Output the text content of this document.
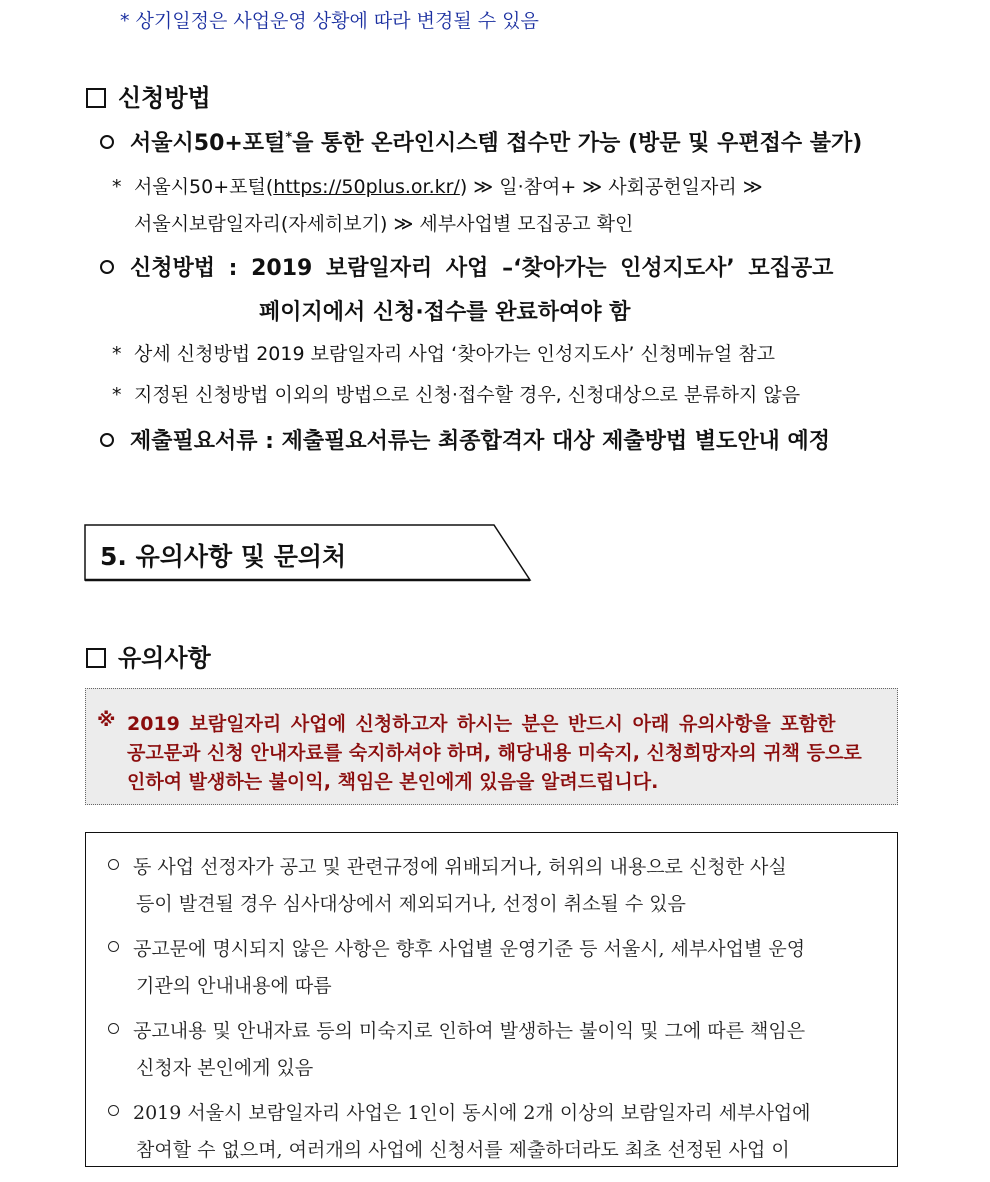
* 상기일정은 사업운영 상황에 따라 변경될 수 있음
신청방법
서울시50+포털*을 통한 온라인시스템 접수만 가능 (방문 및 우편접수 불가)
* 서울시50+포털(https://50plus.or.kr/) ≫ 일·참여+ ≫ 사회공헌일자리 ≫
서울시보람일자리(자세히보기) ≫ 세부사업별 모집공고 확인
신청방법 : 2019 보람일자리 사업 –‘찾아가는 인성지도사’ 모집공고
페이지에서 신청·접수를 완료하여야 함
* 상세 신청방법 2019 보람일자리 사업 ‘찾아가는 인성지도사’ 신청메뉴얼 참고
* 지정된 신청방법 이외의 방법으로 신청·접수할 경우, 신청대상으로 분류하지 않음
제출필요서류 : 제출필요서류는 최종합격자 대상 제출방법 별도안내 예정
5. 유의사항 및 문의처
유의사항
※ 2019 보람일자리 사업에 신청하고자 하시는 분은 반드시 아래 유의사항을 포함한
공고문과 신청 안내자료를 숙지하셔야 하며, 해당내용 미숙지, 신청희망자의 귀책 등으로
인하여 발생하는 불이익, 책임은 본인에게 있음을 알려드립니다.
동 사업 선정자가 공고 및 관련규정에 위배되거나, 허위의 내용으로 신청한 사실
등이 발견될 경우 심사대상에서 제외되거나, 선정이 취소될 수 있음
공고문에 명시되지 않은 사항은 향후 사업별 운영기준 등 서울시, 세부사업별 운영
기관의 안내내용에 따름
공고내용 및 안내자료 등의 미숙지로 인하여 발생하는 불이익 및 그에 따른 책임은
신청자 본인에게 있음
2019 서울시 보람일자리 사업은 1인이 동시에 2개 이상의 보람일자리 세부사업에
참여할 수 없으며, 여러개의 사업에 신청서를 제출하더라도 최초 선정된 사업 이
